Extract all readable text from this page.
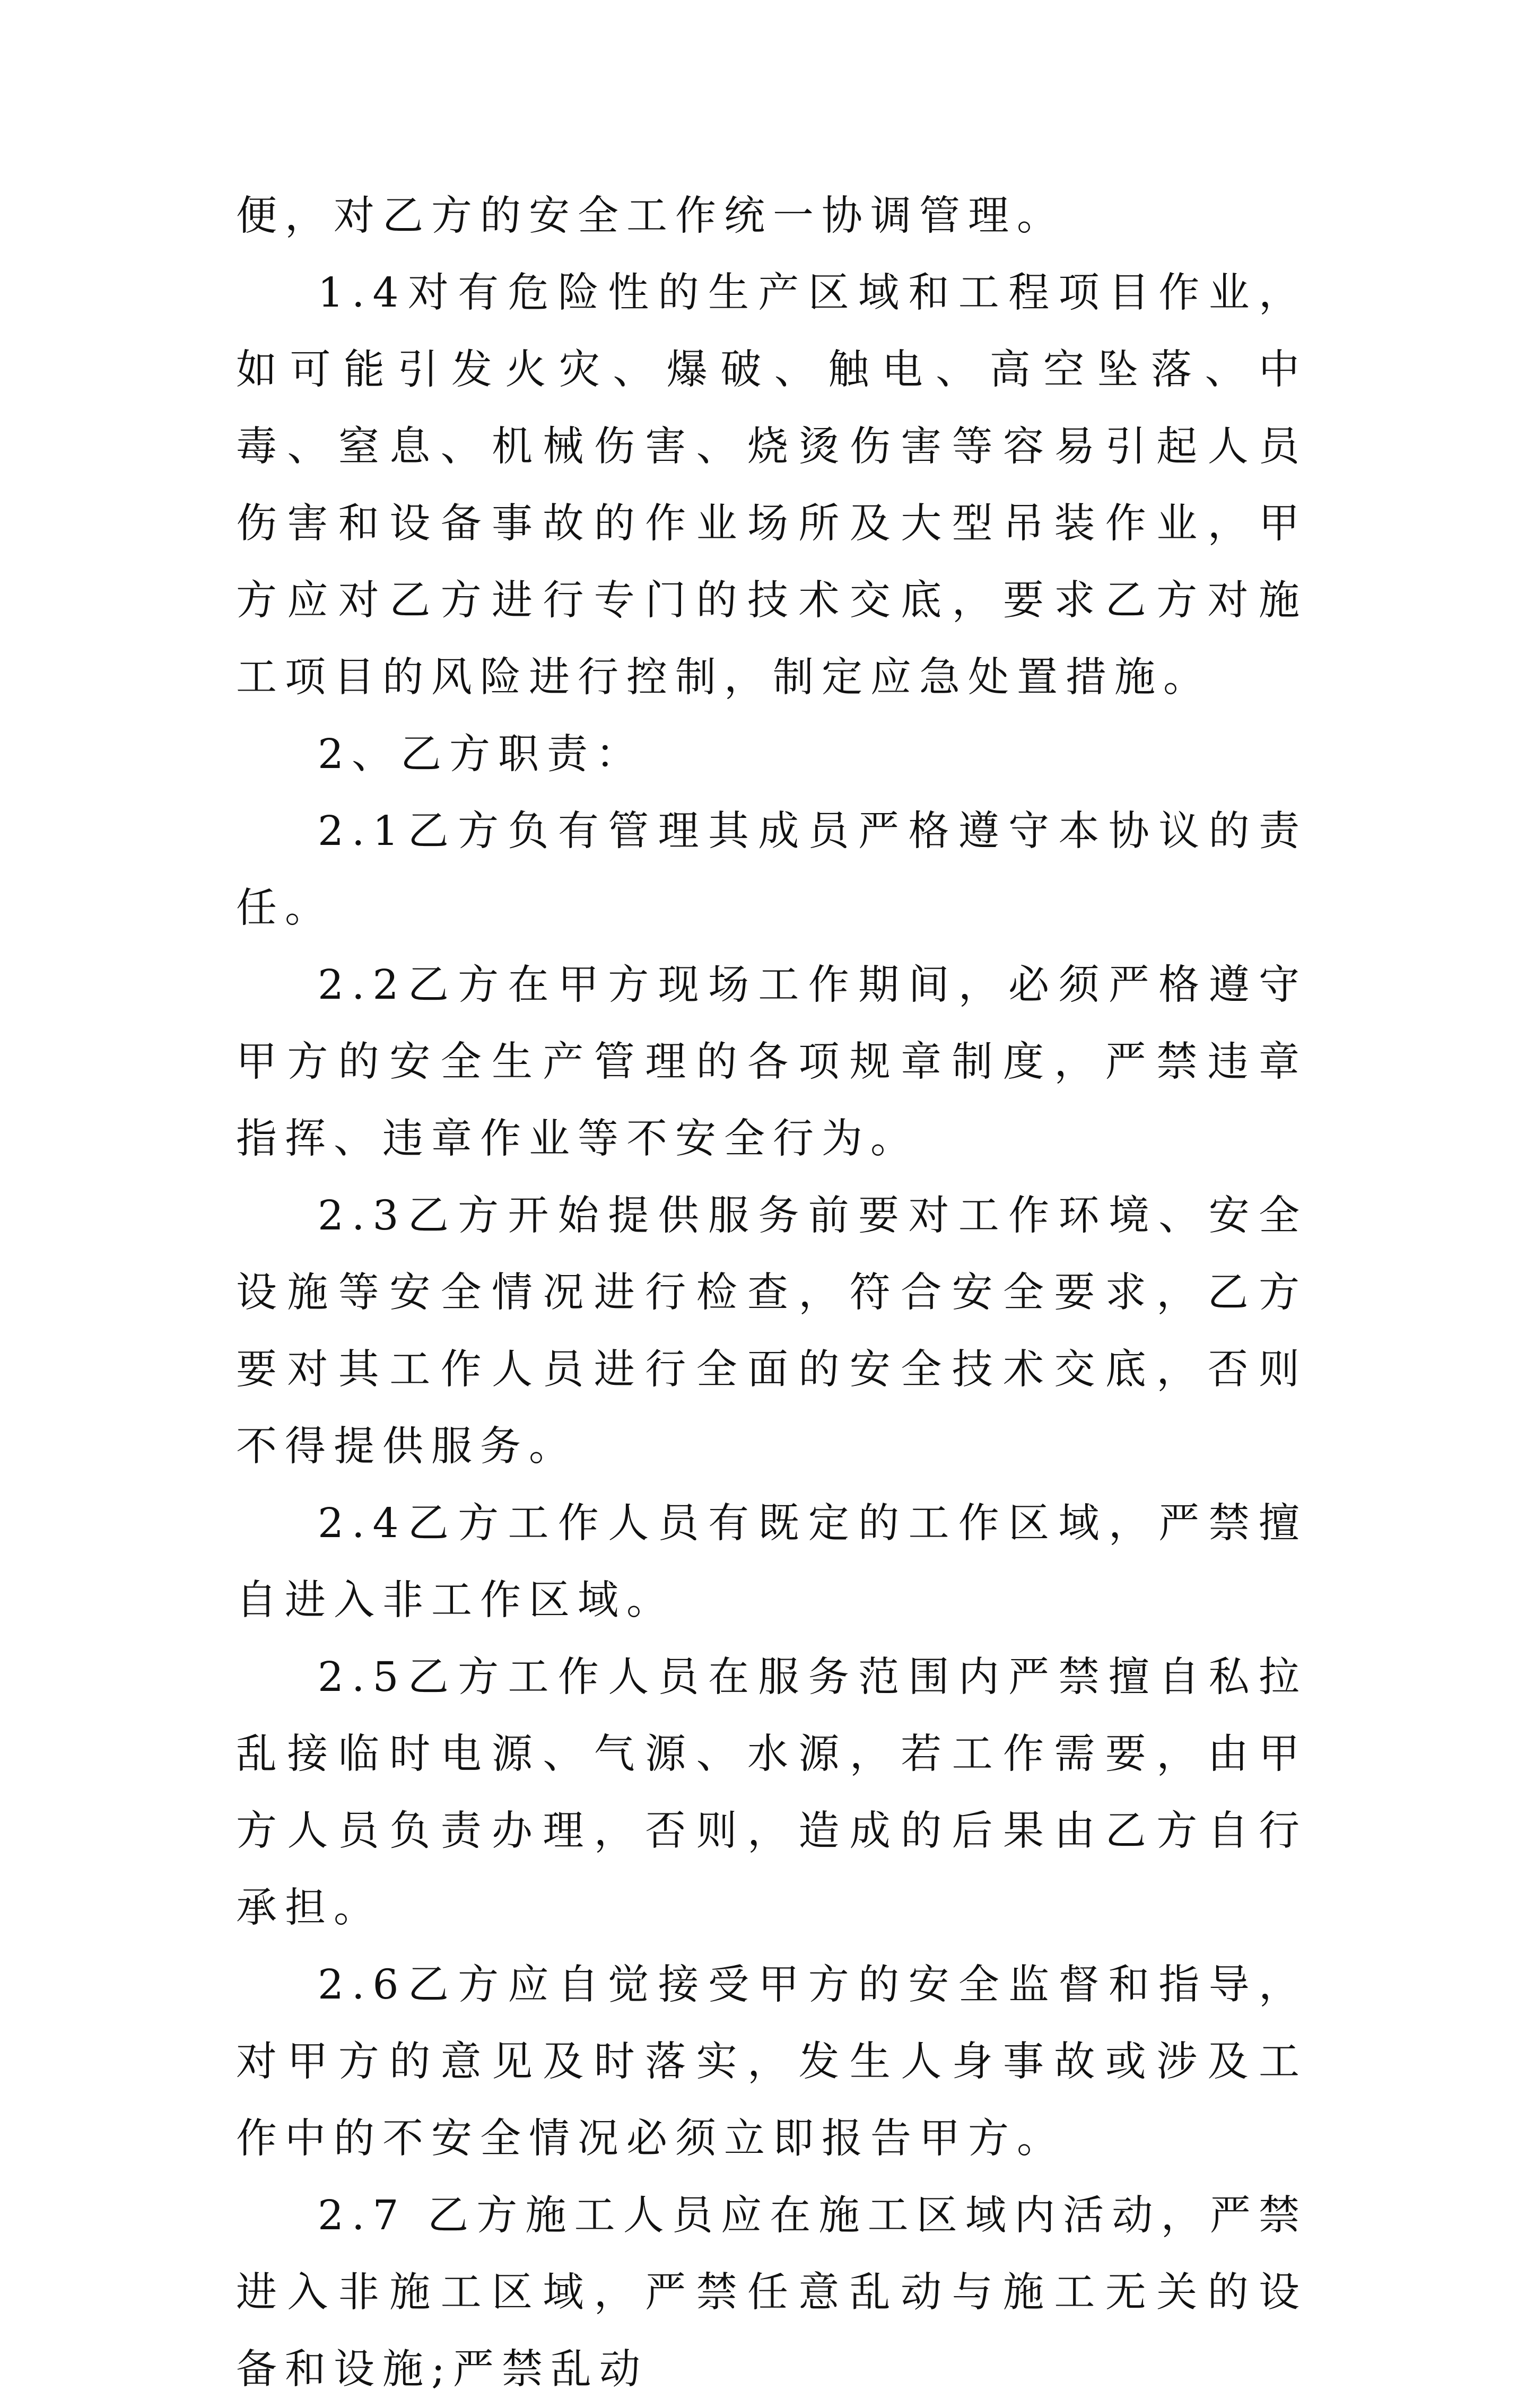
便，对乙方的安全工作统一协调管理。

1.4对有危险性的生产区域和工程项目作业，如可能引发火灾、爆破、触电、高空坠落、中毒、窒息、机械伤害、烧烫伤害等容易引起人员伤害和设备事故的作业场所及大型吊装作业，甲方应对乙方进行专门的技术交底，要求乙方对施工项目的风险进行控制，制定应急处置措施。

2、乙方职责：

2.1乙方负有管理其成员严格遵守本协议的责任。

2.2乙方在甲方现场工作期间，必须严格遵守甲方的安全生产管理的各项规章制度，严禁违章指挥、违章作业等不安全行为。

2.3乙方开始提供服务前要对工作环境、安全设施等安全情况进行检查，符合安全要求，乙方要对其工作人员进行全面的安全技术交底，否则不得提供服务。

2.4乙方工作人员有既定的工作区域，严禁擅自进入非工作区域。

2.5乙方工作人员在服务范围内严禁擅自私拉乱接临时电源、气源、水源，若工作需要，由甲方人员负责办理，否则，造成的后果由乙方自行承担。

2.6乙方应自觉接受甲方的安全监督和指导，对甲方的意见及时落实，发生人身事故或涉及工作中的不安全情况必须立即报告甲方。

2.7 乙方施工人员应在施工区域内活动，严禁进入非施工区域，严禁任意乱动与施工无关的设备和设施;严禁乱动
